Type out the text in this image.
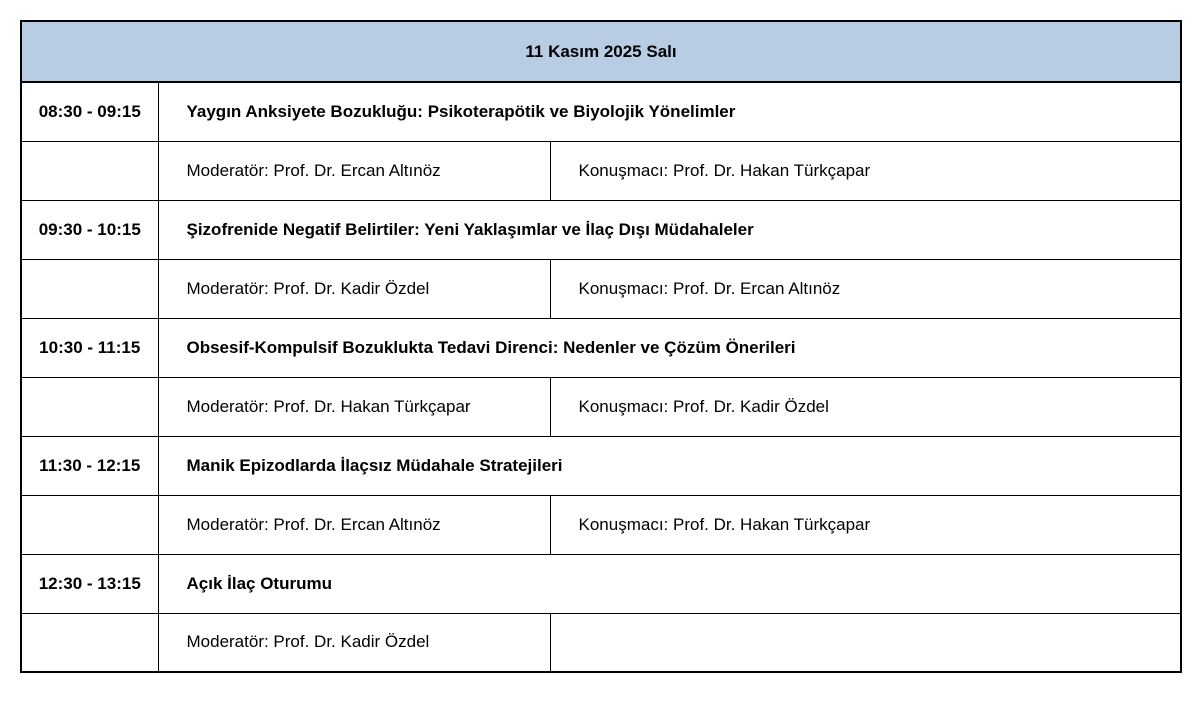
11 Kasım 2025 Salı		
08:30 - 09:15	Yaygın Anksiyete Bozukluğu: Psikoterapötik ve Biyolojik Yönelimler	
	Moderatör: Prof. Dr. Ercan Altınöz	Konuşmacı: Prof. Dr. Hakan Türkçapar
09:30 - 10:15	Şizofrenide Negatif Belirtiler: Yeni Yaklaşımlar ve İlaç Dışı Müdahaleler	
	Moderatör: Prof. Dr. Kadir Özdel	Konuşmacı: Prof. Dr. Ercan Altınöz
10:30 - 11:15	Obsesif-Kompulsif Bozuklukta Tedavi Direnci: Nedenler ve Çözüm Önerileri	
	Moderatör: Prof. Dr. Hakan Türkçapar	Konuşmacı: Prof. Dr. Kadir Özdel
11:30 - 12:15	Manik Epizodlarda İlaçsız Müdahale Stratejileri	
	Moderatör: Prof. Dr. Ercan Altınöz	Konuşmacı: Prof. Dr. Hakan Türkçapar
12:30 - 13:15	Açık İlaç Oturumu	
	Moderatör: Prof. Dr. Kadir Özdel	
